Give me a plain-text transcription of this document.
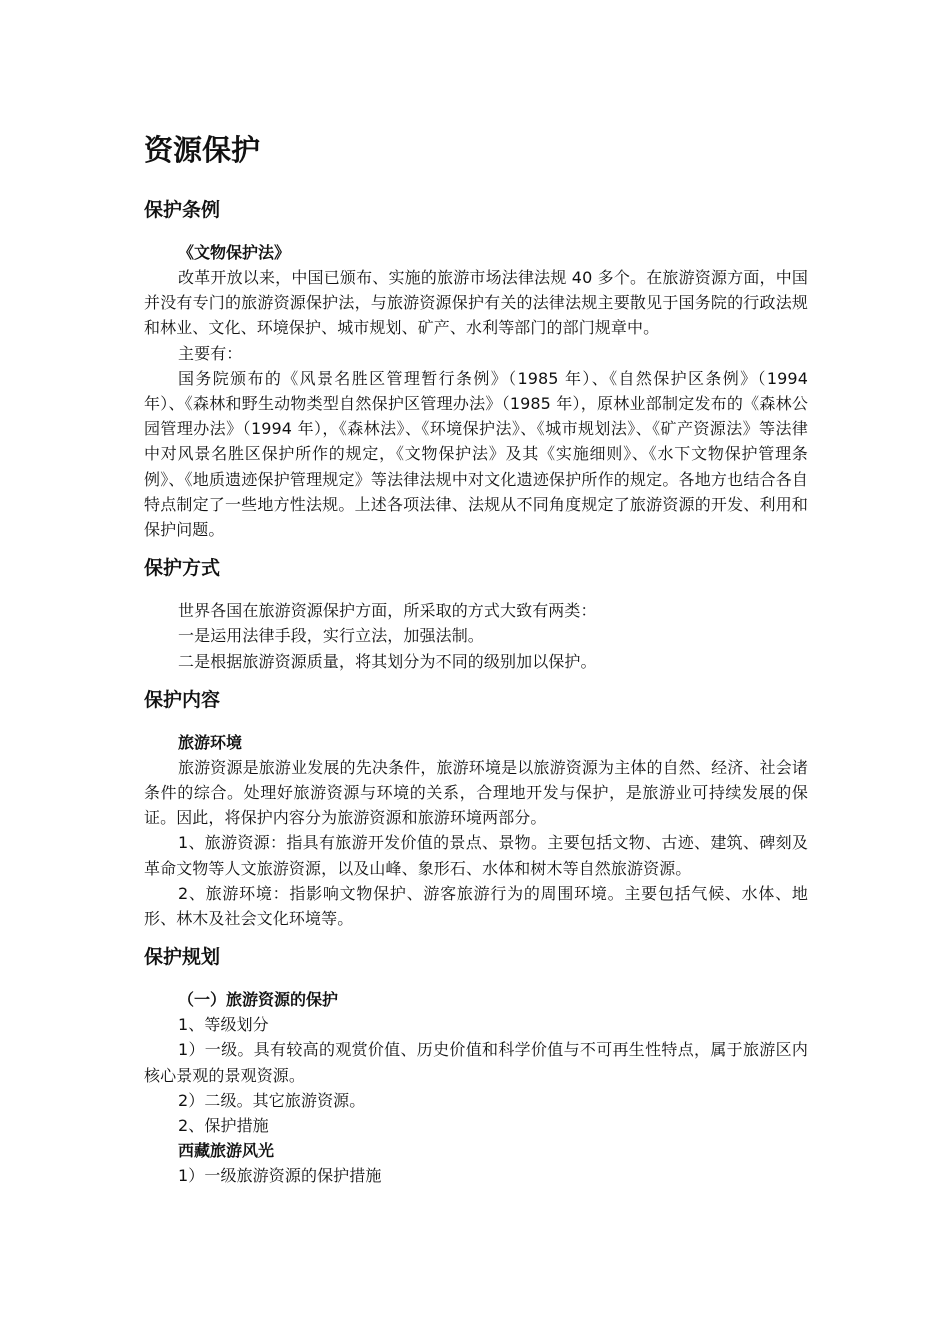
资源保护
保护条例

《文物保护法》

改革开放以来，中国已颁布、实施的旅游市场法律法规 40 多个。在旅游资源方面，中国并没有专门的旅游资源保护法，与旅游资源保护有关的法律法规主要散见于国务院的行政法规和林业、文化、环境保护、城市规划、矿产、水利等部门的部门规章中。

主要有：

国务院颁布的《风景名胜区管理暂行条例》（1985 年）、《自然保护区条例》（1994 年）、《森林和野生动物类型自然保护区管理办法》（1985 年），原林业部制定发布的《森林公园管理办法》（1994 年），《森林法》、《环境保护法》、《城市规划法》、《矿产资源法》等法律中对风景名胜区保护所作的规定，《文物保护法》及其《实施细则》、《水下文物保护管理条例》、《地质遗迹保护管理规定》等法律法规中对文化遗迹保护所作的规定。各地方也结合各自特点制定了一些地方性法规。上述各项法律、法规从不同角度规定了旅游资源的开发、利用和保护问题。

保护方式

世界各国在旅游资源保护方面，所采取的方式大致有两类：

一是运用法律手段，实行立法，加强法制。

二是根据旅游资源质量，将其划分为不同的级别加以保护。

保护内容

旅游环境

旅游资源是旅游业发展的先决条件，旅游环境是以旅游资源为主体的自然、经济、社会诸条件的综合。处理好旅游资源与环境的关系，合理地开发与保护，是旅游业可持续发展的保证。因此，将保护内容分为旅游资源和旅游环境两部分。

1、旅游资源：指具有旅游开发价值的景点、景物。主要包括文物、古迹、建筑、碑刻及革命文物等人文旅游资源，以及山峰、象形石、水体和树木等自然旅游资源。

2、旅游环境：指影响文物保护、游客旅游行为的周围环境。主要包括气候、水体、地形、林木及社会文化环境等。

保护规划

（一）旅游资源的保护

1、等级划分

1）一级。具有较高的观赏价值、历史价值和科学价值与不可再生性特点，属于旅游区内核心景观的景观资源。

2）二级。其它旅游资源。

2、保护措施

西藏旅游风光

1）一级旅游资源的保护措施
